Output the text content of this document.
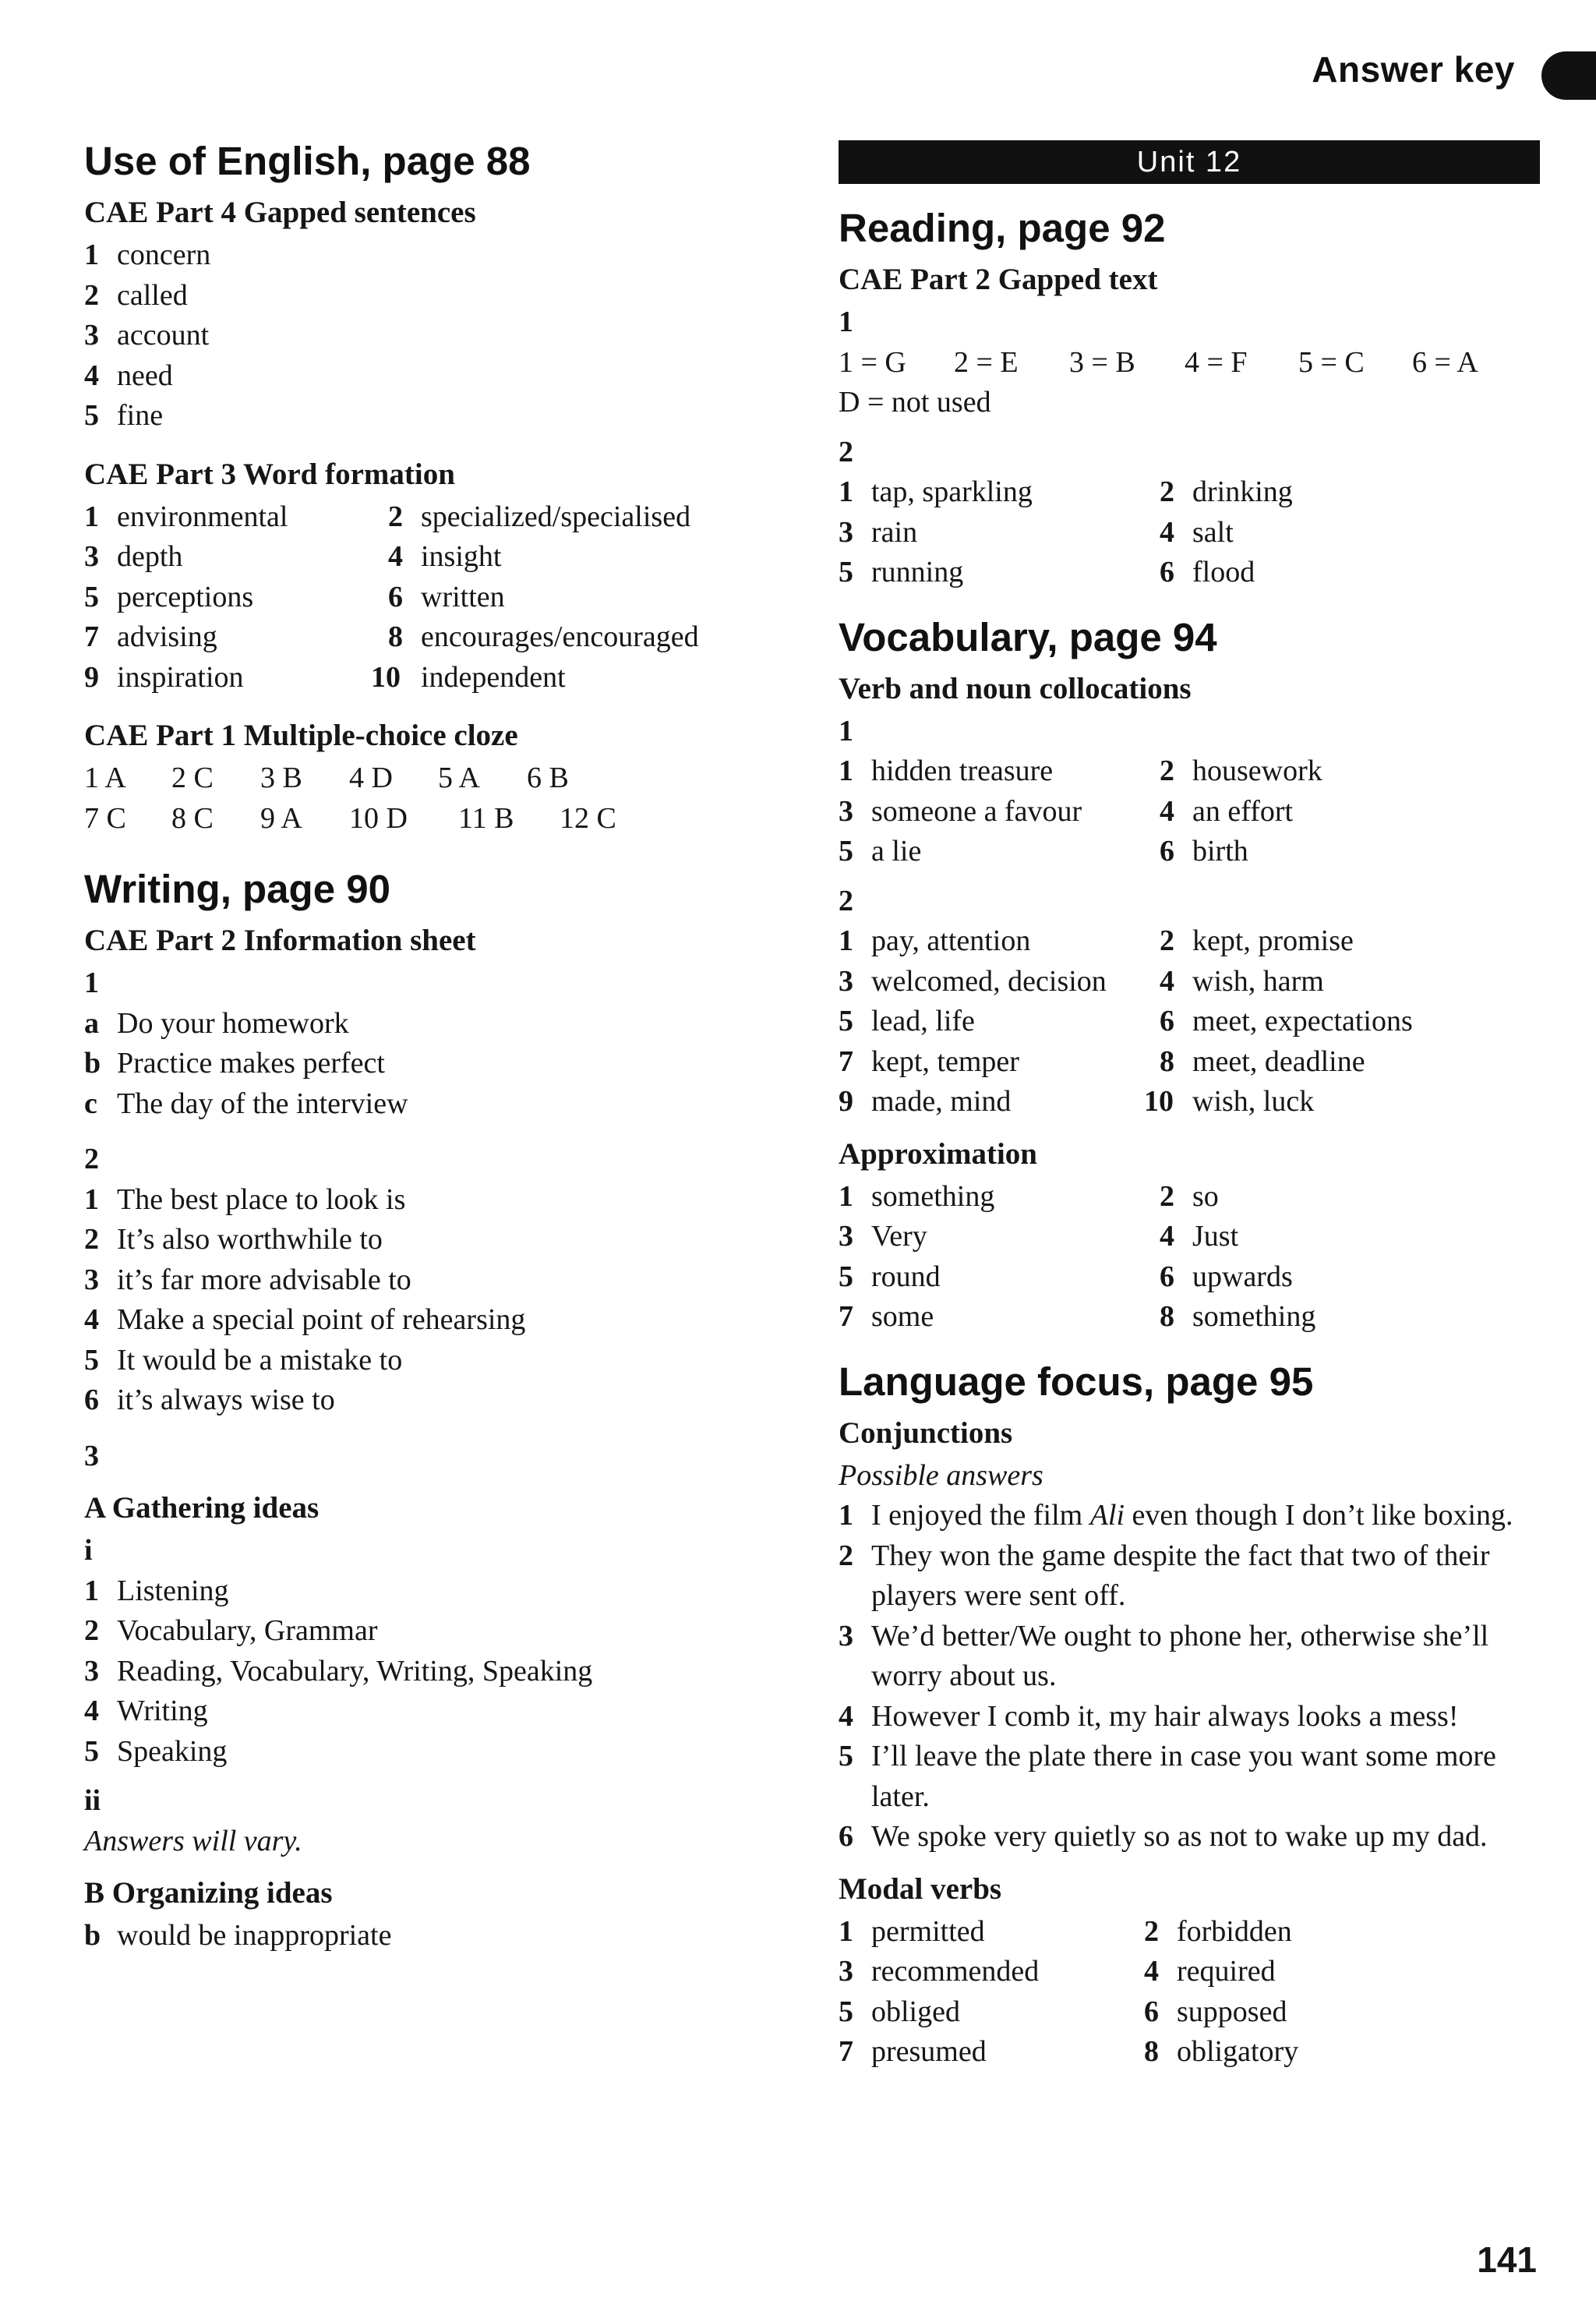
Answer key
Use of English, page 88
CAE Part 4 Gapped sentences
1 concern
2 called
3 account
4 need
5 fine
CAE Part 3 Word formation
1 environmental	2 specialized/specialised
3 depth	4 insight
5 perceptions	6 written
7 advising	8 encourages/encouraged
9 inspiration	10 independent
CAE Part 1 Multiple-choice cloze
1 A 2 C 3 B 4 D 5 A 6 B
7 C 8 C 9 A 10 D 11 B 12 C
Writing, page 90
CAE Part 2 Information sheet
1
a Do your homework
b Practice makes perfect
c The day of the interview
2
1 The best place to look is
2 It’s also worthwhile to
3 it’s far more advisable to
4 Make a special point of rehearsing
5 It would be a mistake to
6 it’s always wise to
3
A Gathering ideas
i
1 Listening
2 Vocabulary, Grammar
3 Reading, Vocabulary, Writing, Speaking
4 Writing
5 Speaking
ii
Answers will vary.
B Organizing ideas
b would be inappropriate
Unit 12
Reading, page 92
CAE Part 2 Gapped text
1
1 = G 2 = E 3 = B 4 = F 5 = C 6 = A
D = not used
2
1 tap, sparkling	2 drinking
3 rain	4 salt
5 running	6 flood
Vocabulary, page 94
Verb and noun collocations
1
1 hidden treasure	2 housework
3 someone a favour	4 an effort
5 a lie	6 birth
2
1 pay, attention	2 kept, promise
3 welcomed, decision	4 wish, harm
5 lead, life	6 meet, expectations
7 kept, temper	8 meet, deadline
9 made, mind	10 wish, luck
Approximation
1 something	2 so
3 Very	4 Just
5 round	6 upwards
7 some	8 something
Language focus, page 95
Conjunctions
Possible answers
1 I enjoyed the film Ali even though I don’t like boxing.
2 They won the game despite the fact that two of their players were sent off.
3 We’d better/We ought to phone her, otherwise she’ll worry about us.
4 However I comb it, my hair always looks a mess!
5 I’ll leave the plate there in case you want some more later.
6 We spoke very quietly so as not to wake up my dad.
Modal verbs
1 permitted	2 forbidden
3 recommended	4 required
5 obliged	6 supposed
7 presumed	8 obligatory
141
